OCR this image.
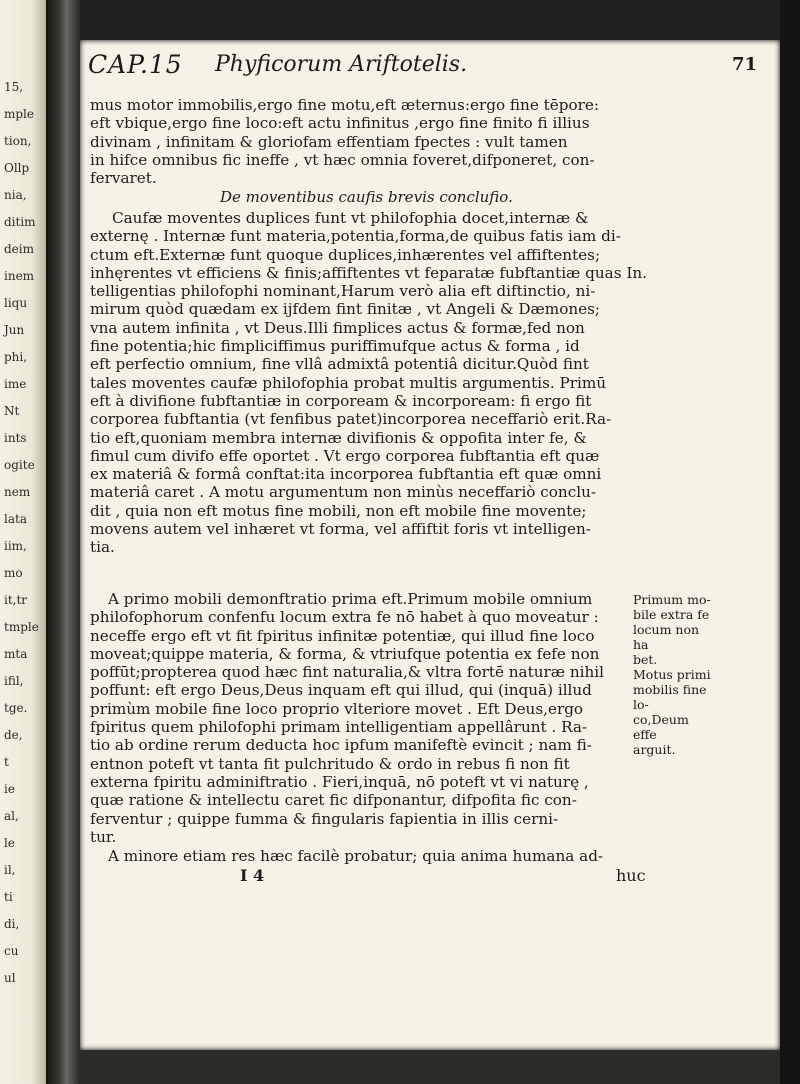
15,
mple
tion,
Ollp
nia,
ditim
deim
inem
liqu
Jun
phi,
ime
Nt
ints
ogite
nem
lata
iim,
mo
it,tr
tmple
mta
ifil,
tge.
de,
t
ie
al,
le
il,
ti
di,
cu
ul
CAP.15 Phyficorum Ariftotelis.	71
mus motor immobilis,ergo fine motu,eft æternus:ergo fine tēpore:
eft vbique,ergo fine loco:eft actu infinitus ,ergo fine finito fi illius
divinam , infinitam & gloriofam effentiam fpectes : vult tamen
in hifce omnibus fic ineffe , vt hæc omnia foveret,difponeret, con-
fervaret.
De moventibus caufis brevis conclufio.
Caufæ moventes duplices funt vt philofophia docet,internæ &
externę . Internæ funt materia,potentia,forma,de quibus fatis iam di-
ctum eft.Externæ funt quoque duplices,inhærentes vel affiftentes;
inhęrentes vt efficiens & finis;affiftentes vt feparatæ fubftantiæ quas In.
telligentias philofophi nominant,Harum verò alia eft diftinctio, ni-
mirum quòd quædam ex ijfdem fint finitæ , vt Angeli & Dæmones;
vna autem infinita , vt Deus.Illi fimplices actus & formæ,fed non
fine potentia;hic fimpliciffimus puriffimufque actus & forma , id
eft perfectio omnium, fine vllâ admixtâ potentiâ dicitur.Quòd fint
tales moventes caufæ philofophia probat multis argumentis. Primū
eft à divifione fubftantiæ in corpoream & incorpoream: fi ergo fit
corporea fubftantia (vt fenfibus patet)incorporea neceffariò erit.Ra-
tio eft,quoniam membra internæ divifionis & oppofita inter fe, &
fimul cum divifo effe oportet . Vt ergo corporea fubftantia eft quæ
ex materiâ & formâ conftat:ita incorporea fubftantia eft quæ omni
materiâ caret . A motu argumentum non minùs neceffariò conclu-
dit , quia non eft motus fine mobili, non eft mobile fine movente;
movens autem vel inhæret vt forma, vel affiftit foris vt intelligen-
tia.
A primo mobili demonftratio prima eft.Primum mobile omnium
philofophorum confenfu locum extra fe nō habet à quo moveatur :
neceffe ergo eft vt fit fpiritus infinitæ potentiæ, qui illud fine loco
moveat;quippe materia, & forma, & vtriufque potentia ex fefe non
poffūt;propterea quod hæc fint naturalia,& vltra fortē naturæ nihil
poffunt: eft ergo Deus,Deus inquam eft qui illud, qui (inquā) illud
primùm mobile fine loco proprio vlteriore movet . Eft Deus,ergo
fpiritus quem philofophi primam intelligentiam appellârunt . Ra-
tio ab ordine rerum deducta hoc ipfum manifeftè evincit ; nam fi-
entnon poteft vt tanta fit pulchritudo & ordo in rebus fi non fit
externa fpiritu adminiftratio . Fieri,inquā, nō poteft vt vi naturę ,
quæ ratione & intellectu caret fic difponantur, difpofita fic con-
ferventur ; quippe fumma & fingularis fapientia in illis cerni-
tur.
Primum mo-
bile extra fe
locum non ha
bet.
Motus primi
mobilis fine lo-
co,Deum effe
arguit.
A minore etiam res hæc facilè probatur; quia anima humana ad-
I 4	huc
